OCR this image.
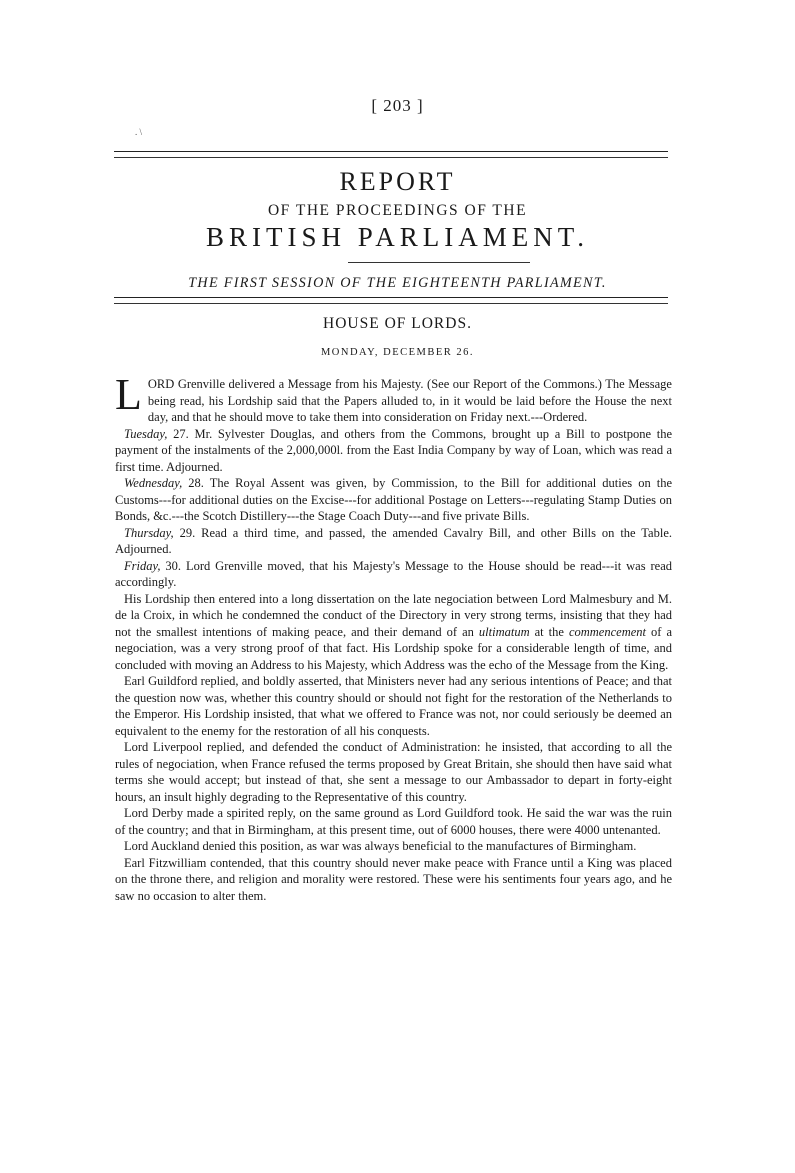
[ 203 ]
. \
REPORT
OF THE PROCEEDINGS OF THE
BRITISH PARLIAMENT.
THE FIRST SESSION OF THE EIGHTEENTH PARLIAMENT.
HOUSE OF LORDS.
MONDAY, DECEMBER 26.

LORD Grenville delivered a Message from his Majesty. (See our Report of the Commons.) The Message being read, his Lordship said that the Papers alluded to, in it would be laid before the House the next day, and that he should move to take them into consideration on Friday next.---Ordered.

Tuesday, 27. Mr. Sylvester Douglas, and others from the Commons, brought up a Bill to postpone the payment of the instalments of the 2,000,000l. from the East India Company by way of Loan, which was read a first time. Adjourned.

Wednesday, 28. The Royal Assent was given, by Commission, to the Bill for additional duties on the Customs---for additional duties on the Excise---for additional Postage on Letters---regulating Stamp Duties on Bonds, &c.---the Scotch Distillery---the Stage Coach Duty---and five private Bills.

Thursday, 29. Read a third time, and passed, the amended Cavalry Bill, and other Bills on the Table. Adjourned.

Friday, 30. Lord Grenville moved, that his Majesty's Message to the House should be read---it was read accordingly.

His Lordship then entered into a long dissertation on the late negociation between Lord Malmesbury and M. de la Croix, in which he condemned the conduct of the Directory in very strong terms, insisting that they had not the smallest intentions of making peace, and their demand of an ultimatum at the commencement of a negociation, was a very strong proof of that fact. His Lordship spoke for a considerable length of time, and concluded with moving an Address to his Majesty, which Address was the echo of the Message from the King.

Earl Guildford replied, and boldly asserted, that Ministers never had any serious intentions of Peace; and that the question now was, whether this country should or should not fight for the restoration of the Netherlands to the Emperor. His Lordship insisted, that what we offered to France was not, nor could seriously be deemed an equivalent to the enemy for the restoration of all his conquests.

Lord Liverpool replied, and defended the conduct of Administration: he insisted, that according to all the rules of negociation, when France refused the terms proposed by Great Britain, she should then have said what terms she would accept; but instead of that, she sent a message to our Ambassador to depart in forty-eight hours, an insult highly degrading to the Representative of this country.

Lord Derby made a spirited reply, on the same ground as Lord Guildford took. He said the war was the ruin of the country; and that in Birmingham, at this present time, out of 6000 houses, there were 4000 untenanted.

Lord Auckland denied this position, as war was always beneficial to the manufactures of Birmingham.

Earl Fitzwilliam contended, that this country should never make peace with France until a King was placed on the throne there, and religion and morality were restored. These were his sentiments four years ago, and he saw no occasion to alter them.
